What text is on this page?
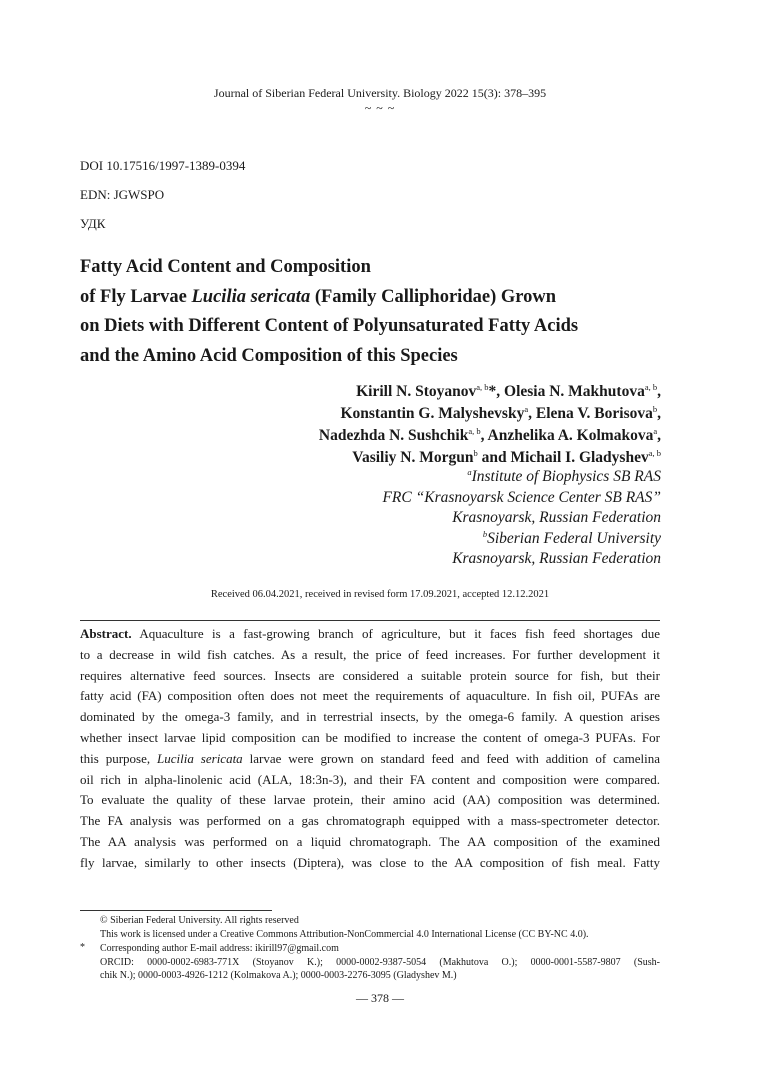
Journal of Siberian Federal University. Biology 2022 15(3): 378–395
~ ~ ~
DOI 10.17516/1997-1389-0394
EDN: JGWSPO
УДК
Fatty Acid Content and Composition
of Fly Larvae Lucilia sericata (Family Calliphoridae) Grown
on Diets with Different Content of Polyunsaturated Fatty Acids
and the Amino Acid Composition of this Species
Kirill N. Stoyanov$^{a, b}$*, Olesia N. Makhutova$^{a, b}$,
Konstantin G. Malyshevsky$^a$, Elena V. Borisova$^b$,
Nadezhda N. Sushchik$^{a, b}$, Anzhelika A. Kolmakova$^a$,
Vasiliy N. Morgun$^b$ and Michail I. Gladyshev$^{a, b}$
$^a$Institute of Biophysics SB RAS
FRC “Krasnoyarsk Science Center SB RAS”
Krasnoyarsk, Russian Federation
$^b$Siberian Federal University
Krasnoyarsk, Russian Federation
Received 06.04.2021, received in revised form 17.09.2021, accepted 12.12.2021
Abstract. Aquaculture is a fast-growing branch of agriculture, but it faces fish feed shortages due
to a decrease in wild fish catches. As a result, the price of feed increases. For further development it
requires alternative feed sources. Insects are considered a suitable protein source for fish, but their
fatty acid (FA) composition often does not meet the requirements of aquaculture. In fish oil, PUFAs are
dominated by the omega-3 family, and in terrestrial insects, by the omega-6 family. A question arises
whether insect larvae lipid composition can be modified to increase the content of omega-3 PUFAs. For
this purpose, Lucilia sericata larvae were grown on standard feed and feed with addition of camelina
oil rich in alpha-linolenic acid (ALA, 18:3n-3), and their FA content and composition were compared.
To evaluate the quality of these larvae protein, their amino acid (AA) composition was determined.
The FA analysis was performed on a gas chromatograph equipped with a mass-spectrometer detector.
The AA analysis was performed on a liquid chromatograph. The AA composition of the examined
fly larvae, similarly to other insects (Diptera), was close to the AA composition of fish meal. Fatty
© Siberian Federal University. All rights reserved
This work is licensed under a Creative Commons Attribution-NonCommercial 4.0 International License (CC BY-NC 4.0).
* Corresponding author E-mail address: ikirill97@gmail.com
ORCID: 0000-0002-6983-771X (Stoyanov K.); 0000-0002-9387-5054 (Makhutova O.); 0000-0001-5587-9807 (Sush-
chik N.); 0000-0003-4926-1212 (Kolmakova A.); 0000-0003-2276-3095 (Gladyshev M.)
— 378 —
